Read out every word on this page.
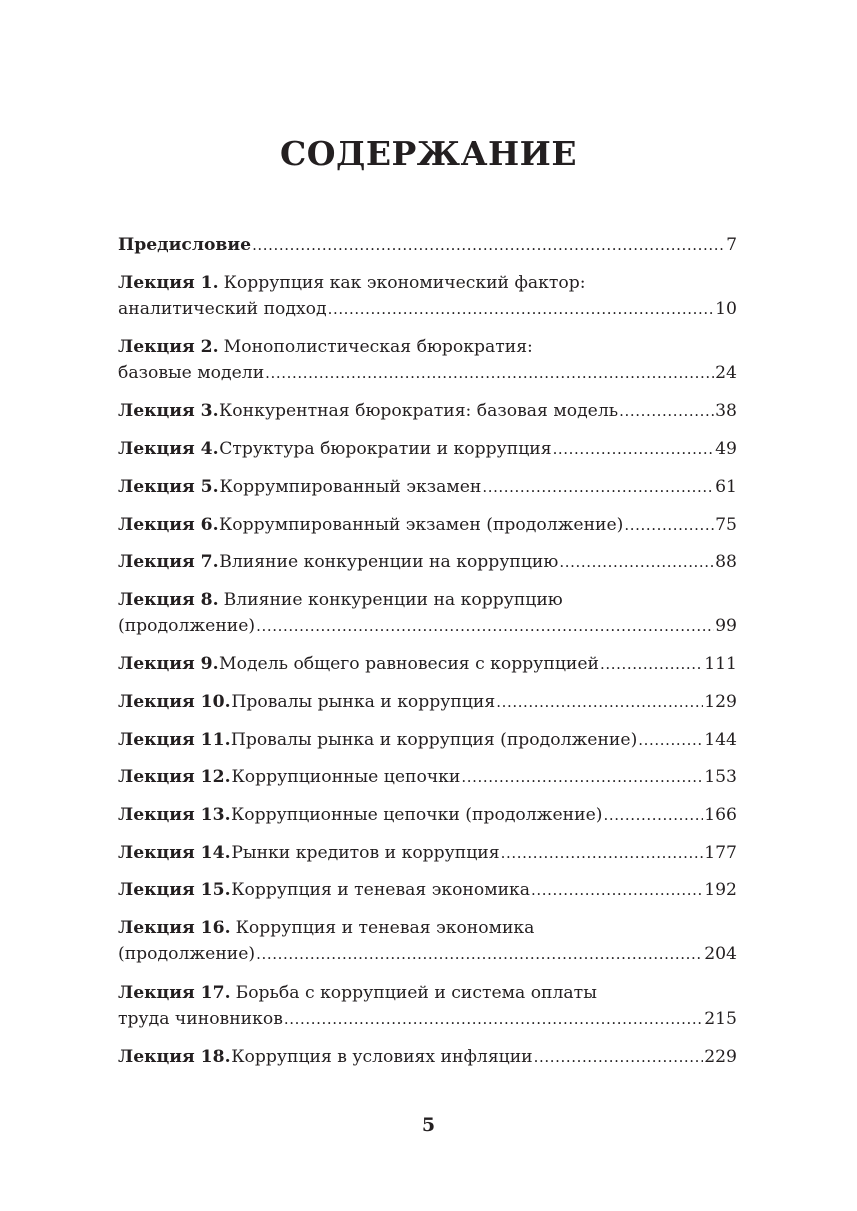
СОДЕРЖАНИЕ
Предисловие .....	7
Лекция 1. Коррупция как экономический фактор:
аналитический подход .....	10
Лекция 2. Монополистическая бюрократия:
базовые модели .....	24
Лекция 3. Конкурентная бюрократия: базовая модель .....	38
Лекция 4. Структура бюрократии и коррупция .....	49
Лекция 5. Коррумпированный экзамен .....	61
Лекция 6. Коррумпированный экзамен (продолжение) .....	75
Лекция 7. Влияние конкуренции на коррупцию .....	88
Лекция 8. Влияние конкуренции на коррупцию
(продолжение) .....	99
Лекция 9. Модель общего равновесия с коррупцией .....	111
Лекция 10. Провалы рынка и коррупция .....	129
Лекция 11. Провалы рынка и коррупция (продолжение) .....	144
Лекция 12. Коррупционные цепочки .....	153
Лекция 13. Коррупционные цепочки (продолжение) .....	166
Лекция 14. Рынки кредитов и коррупция .....	177
Лекция 15. Коррупция и теневая экономика .....	192
Лекция 16. Коррупция и теневая экономика
(продолжение) .....	204
Лекция 17. Борьба с коррупцией и система оплаты
труда чиновников .....	215
Лекция 18. Коррупция в условиях инфляции .....	229
5
